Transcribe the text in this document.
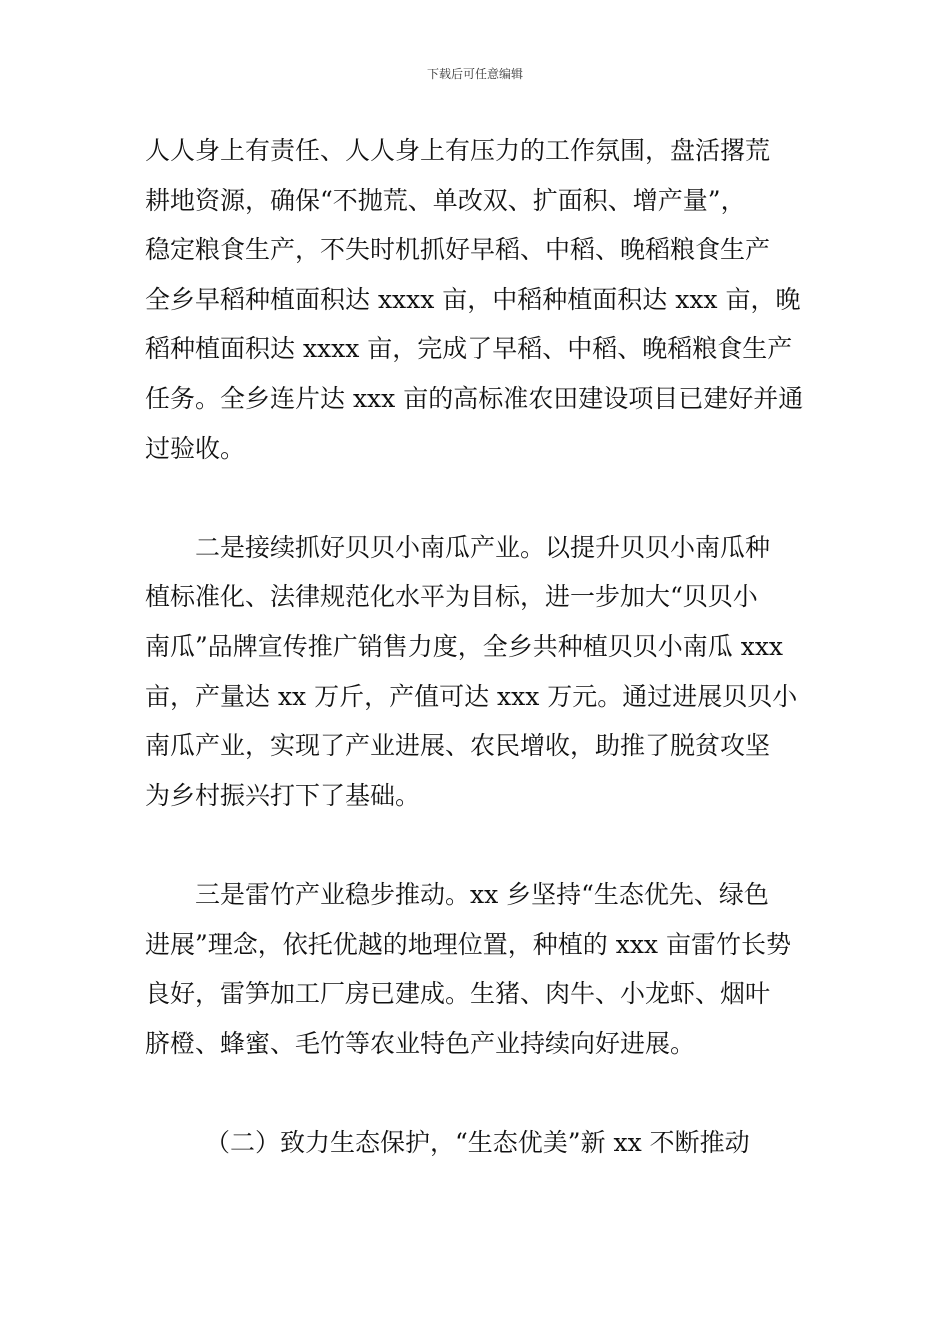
下载后可任意编辑
人人身上有责任、人人身上有压力的工作氛围，盘活撂荒
耕地资源，确保“不抛荒、单改双、扩面积、增产量”，
稳定粮食生产，不失时机抓好早稻、中稻、晚稻粮食生产
全乡早稻种植面积达 xxxx 亩，中稻种植面积达 xxx 亩，晚
稻种植面积达 xxxx 亩，完成了早稻、中稻、晚稻粮食生产
任务。全乡连片达 xxx 亩的高标准农田建设项目已建好并通
过验收。
二是接续抓好贝贝小南瓜产业。以提升贝贝小南瓜种
植标准化、法律规范化水平为目标，进一步加大“贝贝小
南瓜”品牌宣传推广销售力度，全乡共种植贝贝小南瓜 xxx
亩，产量达 xx 万斤，产值可达 xxx 万元。通过进展贝贝小
南瓜产业，实现了产业进展、农民增收，助推了脱贫攻坚
为乡村振兴打下了基础。
三是雷竹产业稳步推动。xx 乡坚持“生态优先、绿色
进展”理念，依托优越的地理位置，种植的 xxx 亩雷竹长势
良好，雷笋加工厂房已建成。生猪、肉牛、小龙虾、烟叶
脐橙、蜂蜜、毛竹等农业特色产业持续向好进展。
（二）致力生态保护，“生态优美”新 xx 不断推动
